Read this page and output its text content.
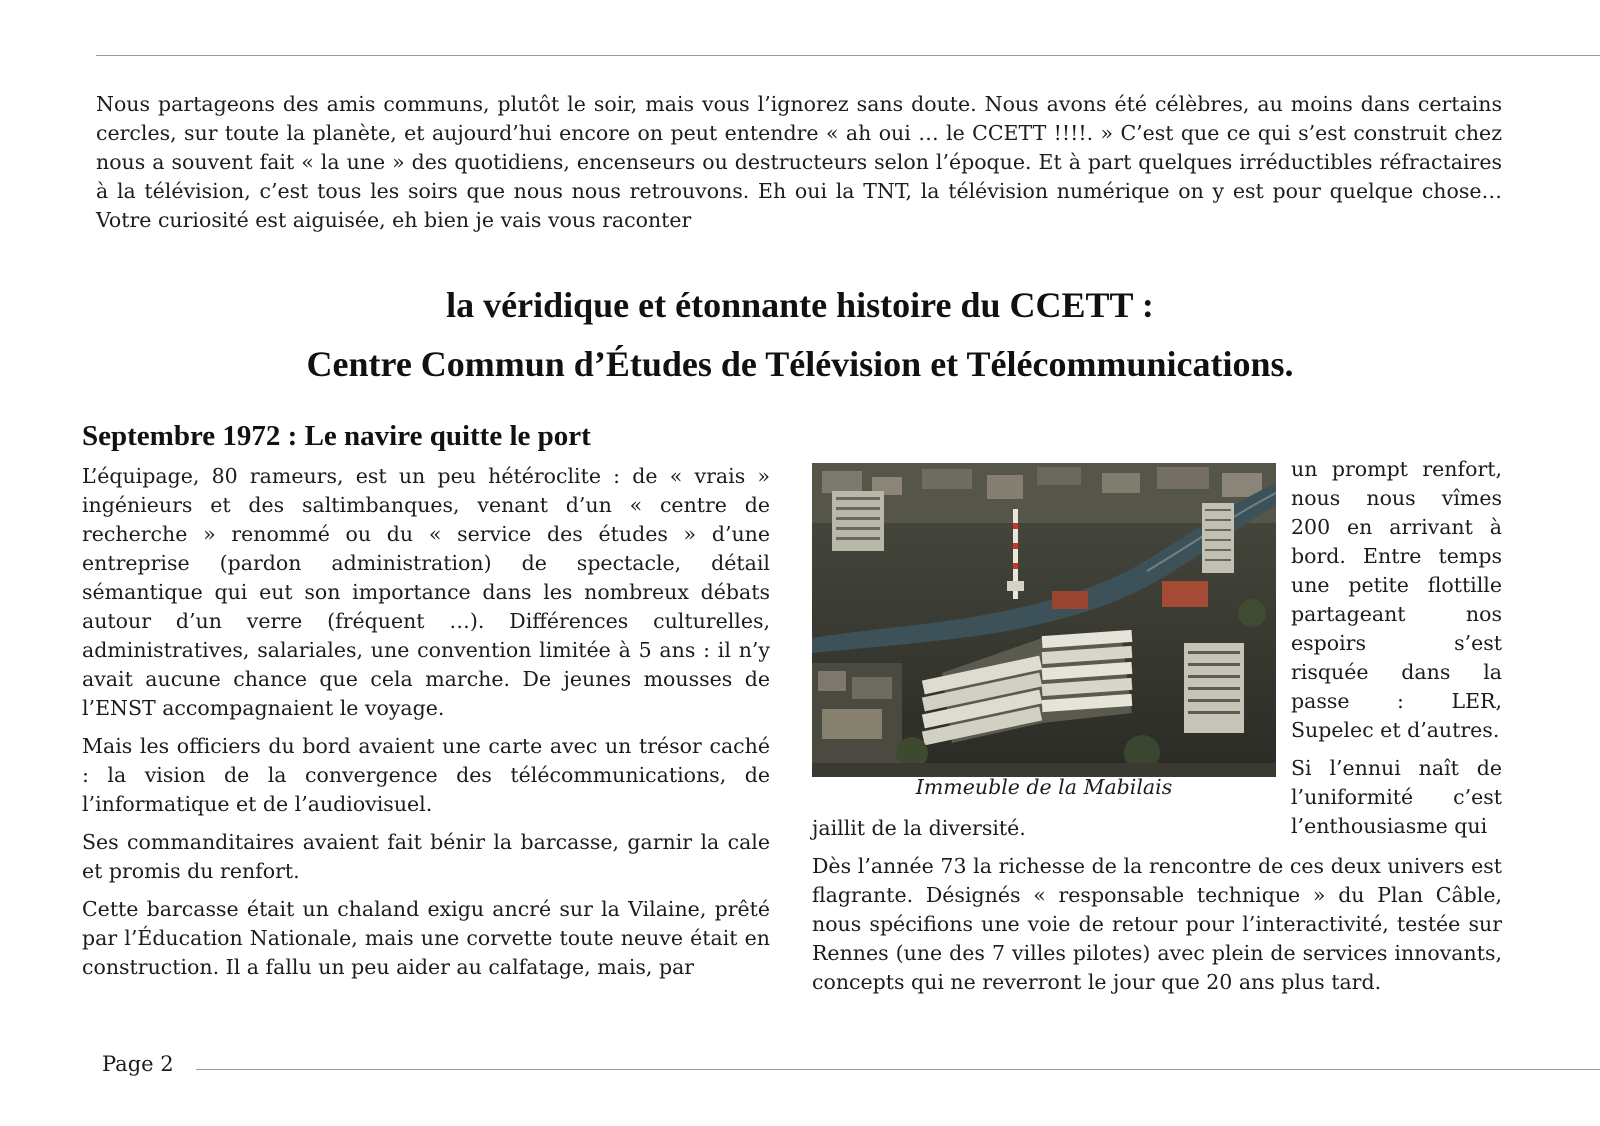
Nous partageons des amis communs, plutôt le soir, mais vous l’ignorez sans doute. Nous avons été célèbres, au moins dans certains cercles, sur toute la planète, et aujourd’hui encore on peut entendre « ah oui … le CCETT !!!!. » C’est que ce qui s’est construit chez nous a souvent fait « la une » des quotidiens, encenseurs ou destructeurs selon l’époque. Et à part quelques irréductibles réfractaires à la télévision, c’est tous les soirs que nous nous retrouvons. Eh oui la TNT, la télévision numérique on y est pour quelque chose… Votre curiosité est aiguisée, eh bien je vais vous raconter

la véridique et étonnante histoire du CCETT :
Centre Commun d’Études de Télévision et Télécommunications.
Septembre 1972 : Le navire quitte le port

L’équipage, 80 rameurs, est un peu hétéroclite : de « vrais » ingénieurs et des saltimbanques, venant d’un « centre de recherche » renommé ou du « service des études » d’une entreprise (pardon administration) de spectacle, détail sémantique qui eut son importance dans les nombreux débats autour d’un verre (fréquent …). Différences culturelles, administratives, salariales, une convention limitée à 5 ans : il n’y avait aucune chance que cela marche. De jeunes mousses de l’ENST accompagnaient le voyage.

Mais les officiers du bord avaient une carte avec un trésor caché : la vision de la convergence des télécommunications, de l’informatique et de l’audiovisuel.

Ses commanditaires avaient fait bénir la barcasse, garnir la cale et promis du renfort.

Cette barcasse était un chaland exigu ancré sur la Vilaine, prêté par l’Éducation Nationale, mais une corvette toute neuve était en construction. Il a fallu un peu aider au calfatage, mais, par

Immeuble de la Mabilais

un prompt renfort, nous nous vîmes 200 en arrivant à bord. Entre temps une petite flottille partageant nos espoirs s’est risquée dans la passe : LER, Supelec et d’autres.

Si l’ennui naît de l’uniformité c’est l’enthousiasme qui

jaillit de la diversité.

Dès l’année 73 la richesse de la rencontre de ces deux univers est flagrante. Désignés « responsable technique » du Plan Câble, nous spécifions une voie de retour pour l’interactivité, testée sur Rennes (une des 7 villes pilotes) avec plein de services innovants, concepts qui ne reverront le jour que 20 ans plus tard.

Page 2
